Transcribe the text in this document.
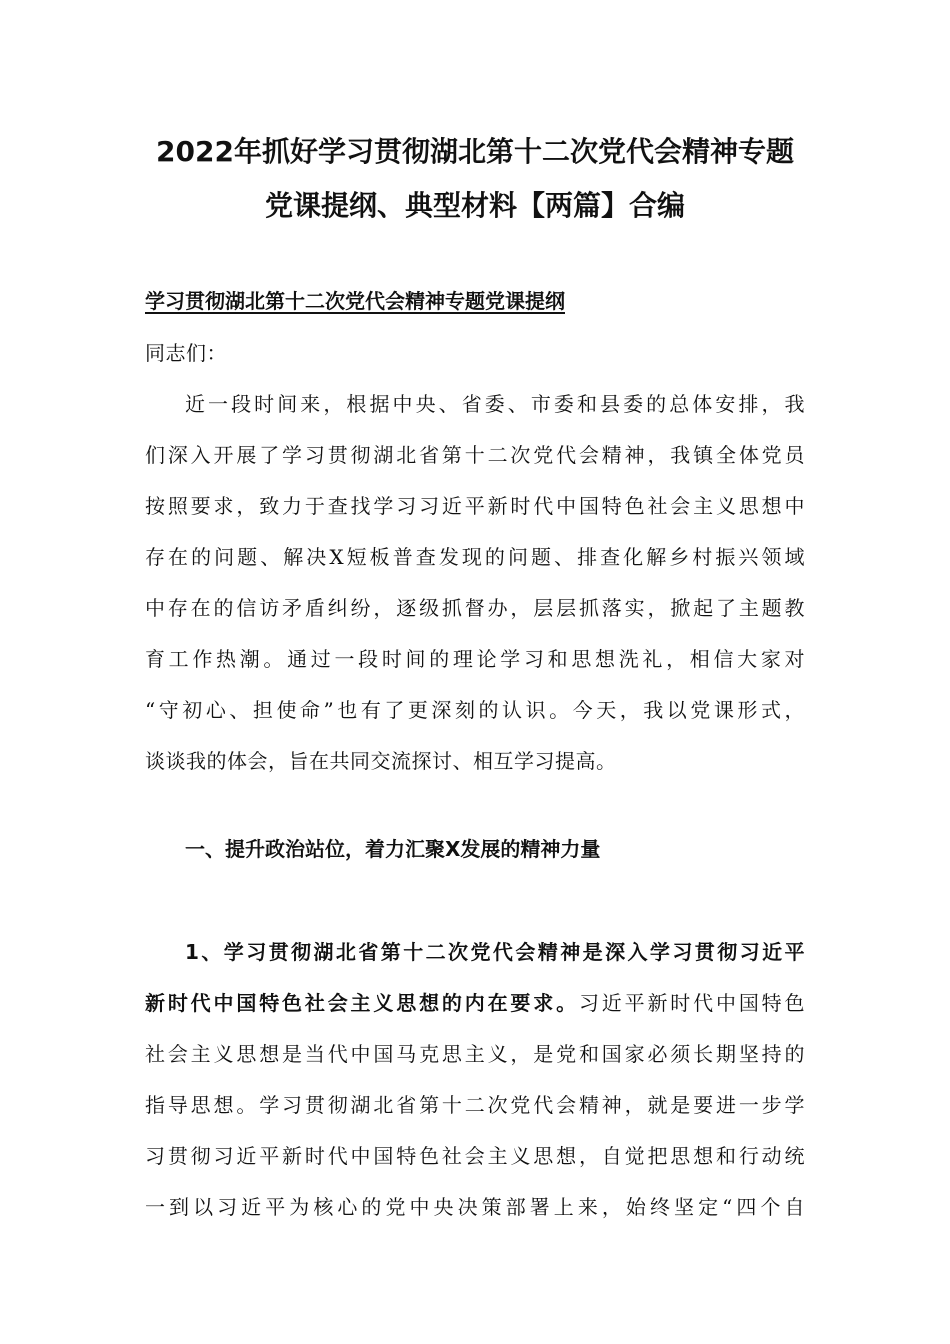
2022年抓好学习贯彻湖北第十二次党代会精神专题
党课提纲、典型材料【两篇】合编
学习贯彻湖北第十二次党代会精神专题党课提纲
同志们：
近一段时间来，根据中央、省委、市委和县委的总体安排，我
们深入开展了学习贯彻湖北省第十二次党代会精神，我镇全体党员
按照要求，致力于查找学习习近平新时代中国特色社会主义思想中
存在的问题、解决X短板普查发现的问题、排查化解乡村振兴领域
中存在的信访矛盾纠纷，逐级抓督办，层层抓落实，掀起了主题教
育工作热潮。通过一段时间的理论学习和思想洗礼，相信大家对
“守初心、担使命”也有了更深刻的认识。今天，我以党课形式，
谈谈我的体会，旨在共同交流探讨、相互学习提高。
一、提升政治站位，着力汇聚X发展的精神力量
1、学习贯彻湖北省第十二次党代会精神是深入学习贯彻习近平
新时代中国特色社会主义思想的内在要求。习近平新时代中国特色
社会主义思想是当代中国马克思主义，是党和国家必须长期坚持的
指导思想。学习贯彻湖北省第十二次党代会精神，就是要进一步学
习贯彻习近平新时代中国特色社会主义思想，自觉把思想和行动统
一到以习近平为核心的党中央决策部署上来，始终坚定“四个自
